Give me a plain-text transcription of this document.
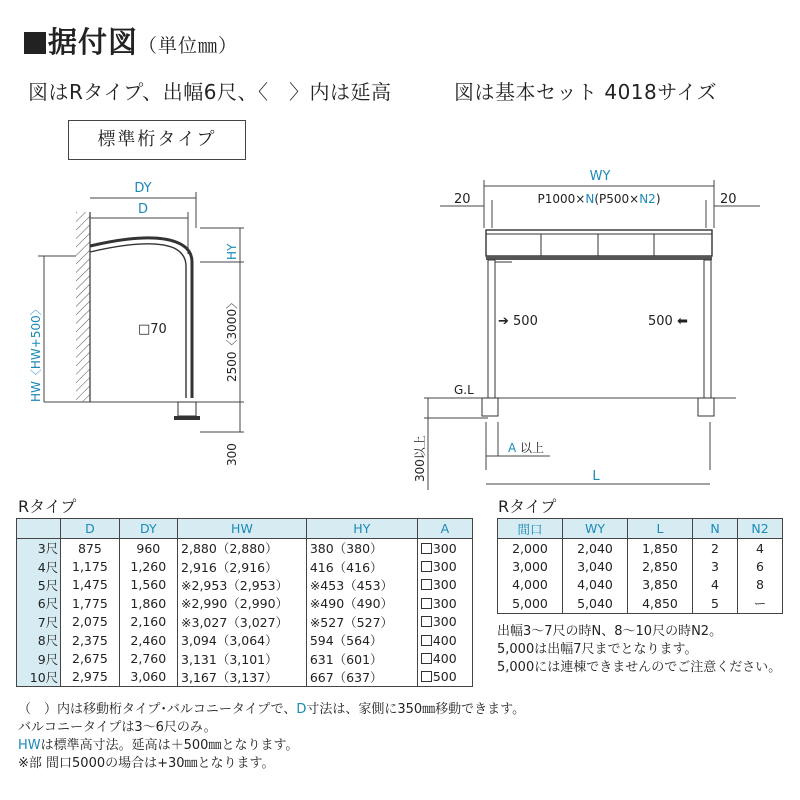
据付図（単位㎜）
図はRタイプ、出幅6尺、〈　〉内は延高	図は基本セット 4018サイズ
標準桁タイプ
DY
D
HY
HW〈HW+500〉	□70	2500〈3000〉
300
WY
20	20
P1000×N(P500×N2)
➔ 500	500 ⬅
G.L
300以上	A 以上
L
Rタイプ
	D	DY	HW	HY	A
3尺	875	960	2,880（2,880）	380（380）	300
4尺	1,175	1,260	2,916（2,916）	416（416）	300
5尺	1,475	1,560	※2,953（2,953）	※453（453）	300
6尺	1,775	1,860	※2,990（2,990）	※490（490）	300
7尺	2,075	2,160	※3,027（3,027）	※527（527）	300
8尺	2,375	2,460	3,094（3,064）	594（564）	400
9尺	2,675	2,760	3,131（3,101）	631（601）	400
10尺	2,975	3,060	3,167（3,137）	667（637）	500
（　）内は移動桁タイプ･バルコニータイプで、D寸法は、家側に350㎜移動できます。
バルコニータイプは3〜6尺のみ。
HWは標準高寸法。延高は＋500㎜となります。
※部 間口5000の場合は+30㎜となります。
Rタイプ
間口	WY	L	N	N2
2,000	2,040	1,850	2	4
3,000	3,040	2,850	3	6
4,000	4,040	3,850	4	8
5,000	5,040	4,850	5	ー
出幅3〜7尺の時N、8〜10尺の時N2。
5,000は出幅7尺までとなります。
5,000には連棟できませんのでご注意ください。
